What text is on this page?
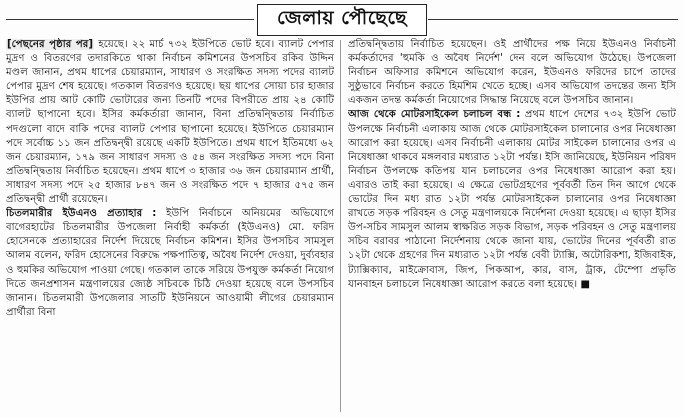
জেলায় পৌছেছে

[পেছনের পৃষ্ঠার পর] হয়েছে। ২২ মার্চ ৭৩২ ইউপিতে ভোট হবে। ব্যালট পেপার মুদ্রণ ও বিতরণের তদারকিতে থাকা নির্বাচন কমিশনের উপসচিব রকিব উদ্দিন মণ্ডল জানান, প্রথম ধাপের চেয়ারম্যান, সাধারণ ও সংরক্ষিত সদস্য পদের ব্যালট পেপার মুদ্রণ শেষ হয়েছে। গতকাল বিতরণও হয়েছে। ছয় ধাপের সোয়া চার হাজার ইউপির প্রায় আট কোটি ভোটারের জন্য তিনটি পদের বিপরীতে প্রায় ২৪ কোটি ব্যালট ছাপানো হবে। ইসির কর্মকর্তারা জানান, বিনা প্রতিদ্বন্দ্বিতায় নির্বাচিত পদগুলো বাদে বাকি পদের ব্যালট পেপার ছাপানো হয়েছে। ইউপিতে চেয়ারম্যান পদে সর্বোচ্চ ১১ জন প্রতিদ্বন্দ্বী রয়েছে একটি ইউপিতে। প্রথম ধাপে ইতিমধ্যে ৬২ জন চেয়ারম্যান, ১৭৯ জন সাধারণ সদস্য ও ৫৪ জন সংরক্ষিত সদস্য পদে বিনা প্রতিদ্বন্দ্বিতায় নির্বাচিত হয়েছেন। প্রথম ধাপে ৩ হাজার ৩৬ জন চেয়ারম্যান প্রার্থী, সাধারণ সদস্য পদে ২৫ হাজার ৮৪৭ জন ও সংরক্ষিত পদে ৭ হাজার ৫৭৫ জন প্রতিদ্বন্দ্বী প্রার্থী রয়েছেন।

চিতলমারীর ইউএনও প্রত্যাহার : ইউপি নির্বাচনে অনিয়মের অভিযোগে বাগেরহাটের চিতলমারীর উপজেলা নির্বাহী কর্মকর্তা (ইউএনও) মো. ফরিদ হোসেনকে প্রত্যাহারের নির্দেশ দিয়েছে নির্বাচন কমিশন। ইসির উপসচিব সামসুল আলম বলেন, ফরিদ হোসেনের বিরুদ্ধে পক্ষপাতিত্ব, অবৈধ নির্দেশ দেওয়া, দুর্ব্যবহার ও হুমকির অভিযোগ পাওয়া গেছে। গতকাল তাকে সরিয়ে উপযুক্ত কর্মকর্তা নিয়োগ দিতে জনপ্রশাসন মন্ত্রণালয়ের জ্যেষ্ঠ সচিবকে চিঠি দেওয়া হয়েছে বলে উপসচিব জানান। চিতলমারী উপজেলার সাতটি ইউনিয়নে আওয়ামী লীগের চেয়ারম্যান প্রার্থীরা বিনা

প্রতিদ্বন্দ্বিতায় নির্বাচিত হয়েছেন। ওই প্রার্থীদের পক্ষ নিয়ে ইউএনও নির্বাচনী কর্মকর্তাদের 'হুমকি ও অবৈধ নির্দেশ' দেন বলে অভিযোগ উঠেছে। উপজেলা নির্বাচন অফিসার কমিশনে অভিযোগ করেন, ইউএনও ফরিদের চাপে তাদের সুষ্ঠুভাবে নির্বাচন করতে হিমশিম খেতে হচ্ছে। এসব অভিযোগ তদন্তের জন্য ইসি একজন তদন্ত কর্মকর্তা নিয়োগের সিদ্ধান্ত নিয়েছে বলে উপসচিব জানান।

আজ থেকে মোটরসাইকেল চলাচল বন্ধ : প্রথম ধাপে দেশের ৭৩২ ইউপি ভোট উপলক্ষে নির্বাচনী এলাকায় আজ থেকে মোটরসাইকেল চালানোর ওপর নিষেধাজ্ঞা আরোপ করা হয়েছে। এসব নির্বাচনী এলাকায় মোটর সাইকেল চালানোর ওপর এ নিষেধাজ্ঞা থাকবে মঙ্গলবার মধ্যরাত ১২টা পর্যন্ত। ইসি জানিয়েছে, ইউনিয়ন পরিষদ নির্বাচন উপলক্ষে কতিপয় যান চলাচলের ওপর নিষেধাজ্ঞা আরোপ করা হয়। এবারও তাই করা হয়েছে। এ ক্ষেত্রে ভোটগ্রহণের পূর্ববর্তী তিন দিন আগে থেকে ভোটের দিন মধ্য রাত ১২টা পর্যন্ত মোটরসাইকেল চালানোর ওপর নিষেধাজ্ঞা রাখতে সড়ক পরিবহন ও সেতু মন্ত্রণালয়কে নির্দেশনা দেওয়া হয়েছে। এ ছাড়া ইসির উপ-সচিব সামসুল আলম স্বাক্ষরিত সড়ক বিভাগ, সড়ক পরিবহন ও সেতু মন্ত্রণালয় সচিব বরাবর পাঠানো নির্দেশনায় থেকে জানা যায়, ভোটের দিনের পূর্ববর্তী রাত ১২টা থেকে গ্রহণের দিন মধ্যরাত ১২টা পর্যন্ত বেবী ট্যাক্সি, অটোরিকশা, ইজিবাইক, ট্যাক্সিক্যাব, মাইক্রোবাস, জিপ, পিকআপ, কার, বাস, ট্রাক, টেম্পো প্রভৃতি যানবাহন চলাচলে নিষেধাজ্ঞা আরোপ করতে বলা হয়েছে। ■
